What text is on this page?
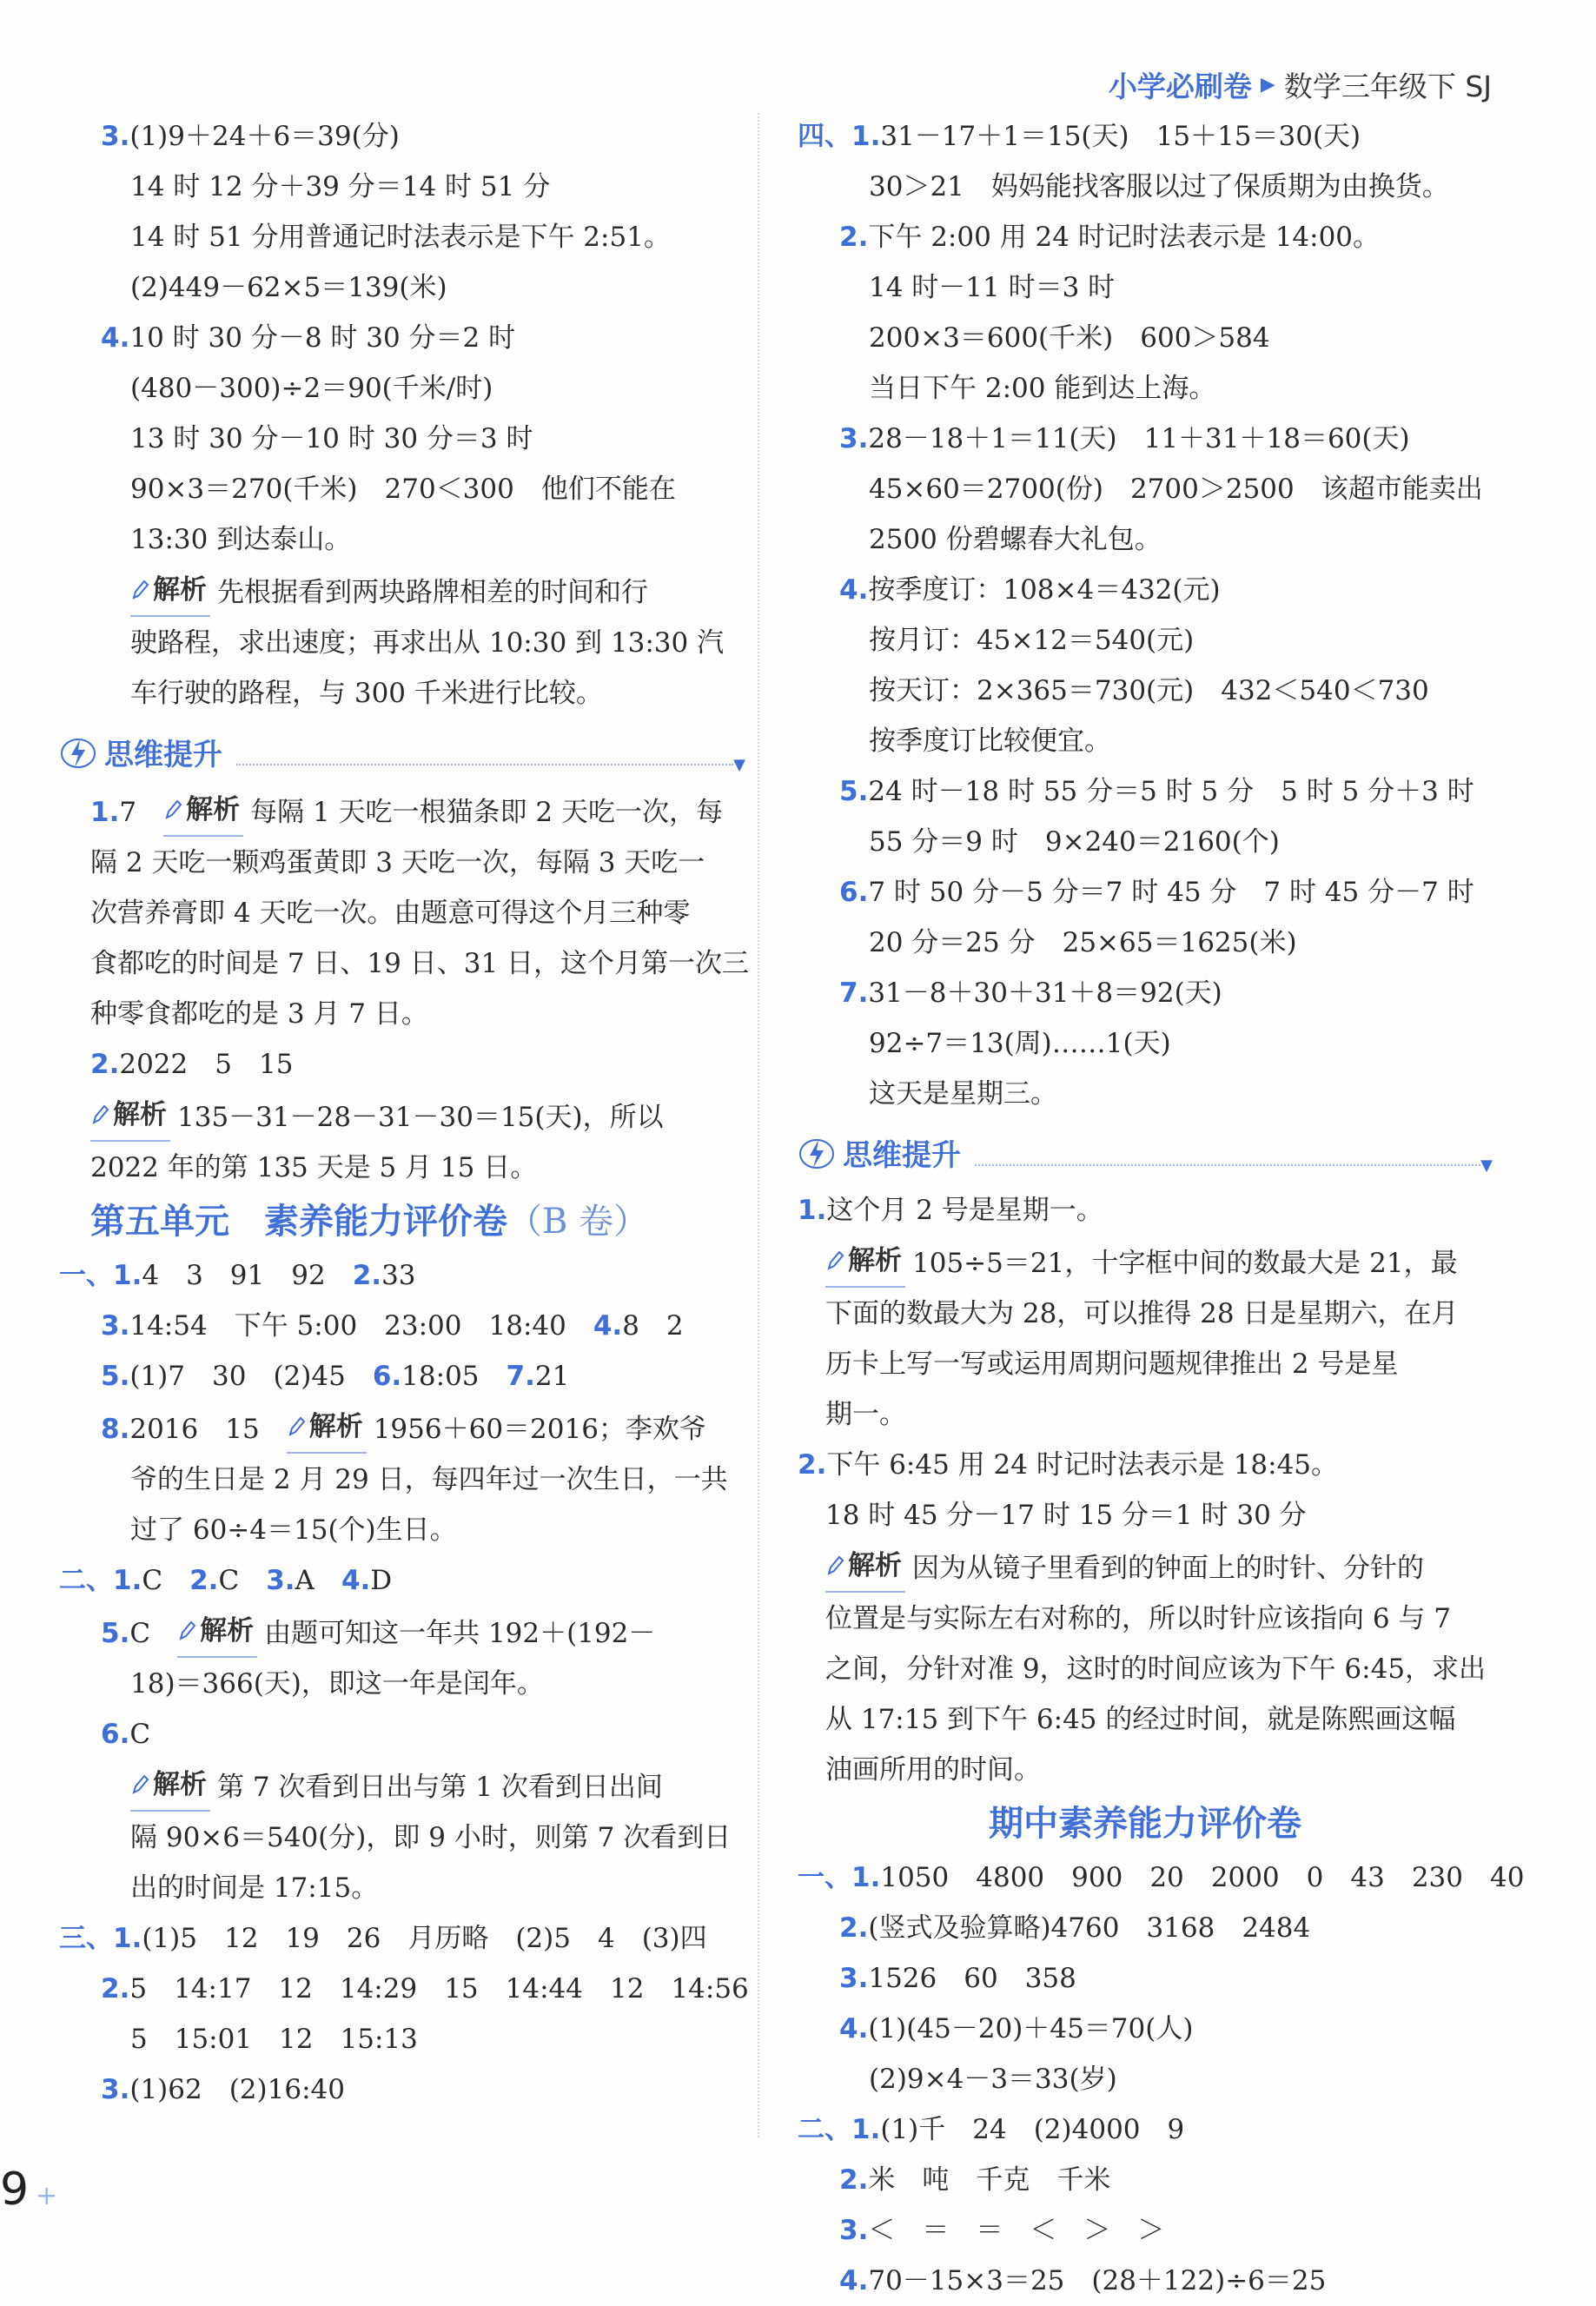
小学必刷卷 ▶ 数学三年级下 SJ
3.(1)9＋24＋6＝39(分)
14 时 12 分＋39 分＝14 时 51 分
14 时 51 分用普通记时法表示是下午 2:51。
(2)449－62×5＝139(米)
4.10 时 30 分－8 时 30 分＝2 时
(480－300)÷2＝90(千米/时)
13 时 30 分－10 时 30 分＝3 时
90×3＝270(千米)　270＜300　他们不能在
13:30 到达泰山。
解析 先根据看到两块路牌相差的时间和行
驶路程，求出速度；再求出从 10:30 到 13:30 汽
车行驶的路程，与 300 千米进行比较。
思维提升	▼
1.7　 解析 每隔 1 天吃一根猫条即 2 天吃一次，每
隔 2 天吃一颗鸡蛋黄即 3 天吃一次，每隔 3 天吃一
次营养膏即 4 天吃一次。由题意可得这个月三种零
食都吃的时间是 7 日、19 日、31 日，这个月第一次三
种零食都吃的是 3 月 7 日。
2.2022　5　15
解析 135－31－28－31－30＝15(天)，所以
2022 年的第 135 天是 5 月 15 日。
第五单元　素养能力评价卷（B 卷）
一、1.4　3　91　92　2.33
3.14:54　下午 5:00　23:00　18:40　4.8　2
5.(1)7　30　(2)45　6.18:05　7.21
8.2016　15　 解析 1956＋60＝2016；李欢爷
爷的生日是 2 月 29 日，每四年过一次生日，一共
过了 60÷4＝15(个)生日。
二、1.C　2.C　3.A　4.D
5.C　 解析 由题可知这一年共 192＋(192－
18)＝366(天)，即这一年是闰年。
6.C
解析 第 7 次看到日出与第 1 次看到日出间
隔 90×6＝540(分)，即 9 小时，则第 7 次看到日
出的时间是 17:15。
三、1.(1)5　12　19　26　月历略　(2)5　4　(3)四
2.5　14:17　12　14:29　15　14:44　12　14:56
5　15:01　12　15:13
3.(1)62　(2)16:40
四、1.31－17＋1＝15(天)　15＋15＝30(天)
30＞21　妈妈能找客服以过了保质期为由换货。
2.下午 2:00 用 24 时记时法表示是 14:00。
14 时－11 时＝3 时
200×3＝600(千米)　600＞584
当日下午 2:00 能到达上海。
3.28－18＋1＝11(天)　11＋31＋18＝60(天)
45×60＝2700(份)　2700＞2500　该超市能卖出
2500 份碧螺春大礼包。
4.按季度订：108×4＝432(元)
按月订：45×12＝540(元)
按天订：2×365＝730(元)　432＜540＜730
按季度订比较便宜。
5.24 时－18 时 55 分＝5 时 5 分　5 时 5 分＋3 时
55 分＝9 时　9×240＝2160(个)
6.7 时 50 分－5 分＝7 时 45 分　7 时 45 分－7 时
20 分＝25 分　25×65＝1625(米)
7.31－8＋30＋31＋8＝92(天)
92÷7＝13(周)……1(天)
这天是星期三。
思维提升	▼
1.这个月 2 号是星期一。
解析 105÷5＝21，十字框中间的数最大是 21，最
下面的数最大为 28，可以推得 28 日是星期六，在月
历卡上写一写或运用周期问题规律推出 2 号是星
期一。
2.下午 6:45 用 24 时记时法表示是 18:45。
18 时 45 分－17 时 15 分＝1 时 30 分
解析 因为从镜子里看到的钟面上的时针、分针的
位置是与实际左右对称的，所以时针应该指向 6 与 7
之间，分针对准 9，这时的时间应该为下午 6:45，求出
从 17:15 到下午 6:45 的经过时间，就是陈熙画这幅
油画所用的时间。
期中素养能力评价卷
一、1.1050　4800　900　20　2000　0　43　230　40
2.(竖式及验算略)4760　3168　2484
3.1526　60　358
4.(1)(45－20)＋45＝70(人)
(2)9×4－3＝33(岁)
二、1.(1)千　24　(2)4000　9
2.米　吨　千克　千米
3.＜　＝　＝　＜　＞　＞
4.70－15×3＝25　(28＋122)÷6＝25
9 +
